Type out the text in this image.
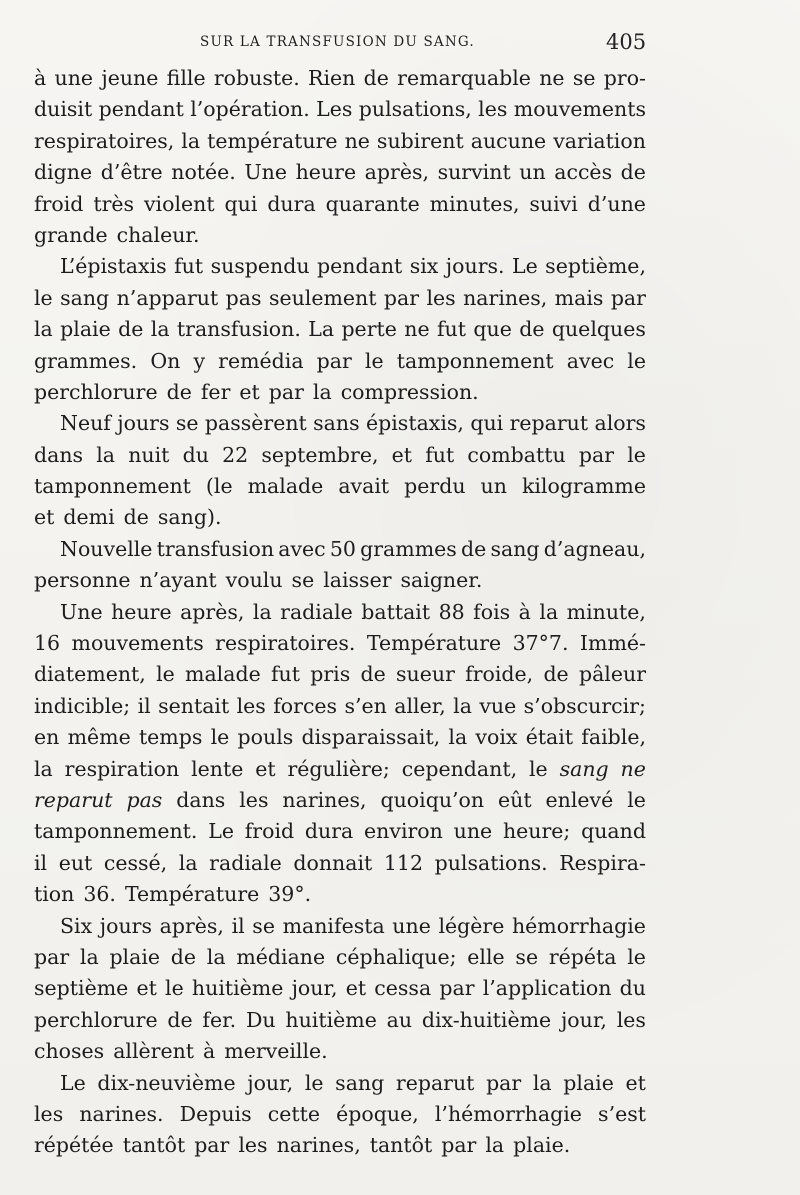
SUR LA TRANSFUSION DU SANG.	405
à une jeune fille robuste. Rien de remarquable ne se pro-
duisit pendant l’opération. Les pulsations, les mouvements
respiratoires, la température ne subirent aucune variation
digne d’être notée. Une heure après, survint un accès de
froid très violent qui dura quarante minutes, suivi d’une
grande chaleur.
L’épistaxis fut suspendu pendant six jours. Le septième,
le sang n’apparut pas seulement par les narines, mais par
la plaie de la transfusion. La perte ne fut que de quelques
grammes. On y remédia par le tamponnement avec le
perchlorure de fer et par la compression.
Neuf jours se passèrent sans épistaxis, qui reparut alors
dans la nuit du 22 septembre, et fut combattu par le
tamponnement (le malade avait perdu un kilogramme
et demi de sang).
Nouvelle transfusion avec 50 grammes de sang d’agneau,
personne n’ayant voulu se laisser saigner.
Une heure après, la radiale battait 88 fois à la minute,
16 mouvements respiratoires. Température 37°7. Immé-
diatement, le malade fut pris de sueur froide, de pâleur
indicible; il sentait les forces s’en aller, la vue s’obscurcir;
en même temps le pouls disparaissait, la voix était faible,
la respiration lente et régulière; cependant, le sang ne
reparut pas dans les narines, quoiqu’on eût enlevé le
tamponnement. Le froid dura environ une heure; quand
il eut cessé, la radiale donnait 112 pulsations. Respira-
tion 36. Température 39°.
Six jours après, il se manifesta une légère hémorrhagie
par la plaie de la médiane céphalique; elle se répéta le
septième et le huitième jour, et cessa par l’application du
perchlorure de fer. Du huitième au dix-huitième jour, les
choses allèrent à merveille.
Le dix-neuvième jour, le sang reparut par la plaie et
les narines. Depuis cette époque, l’hémorrhagie s’est
répétée tantôt par les narines, tantôt par la plaie.
